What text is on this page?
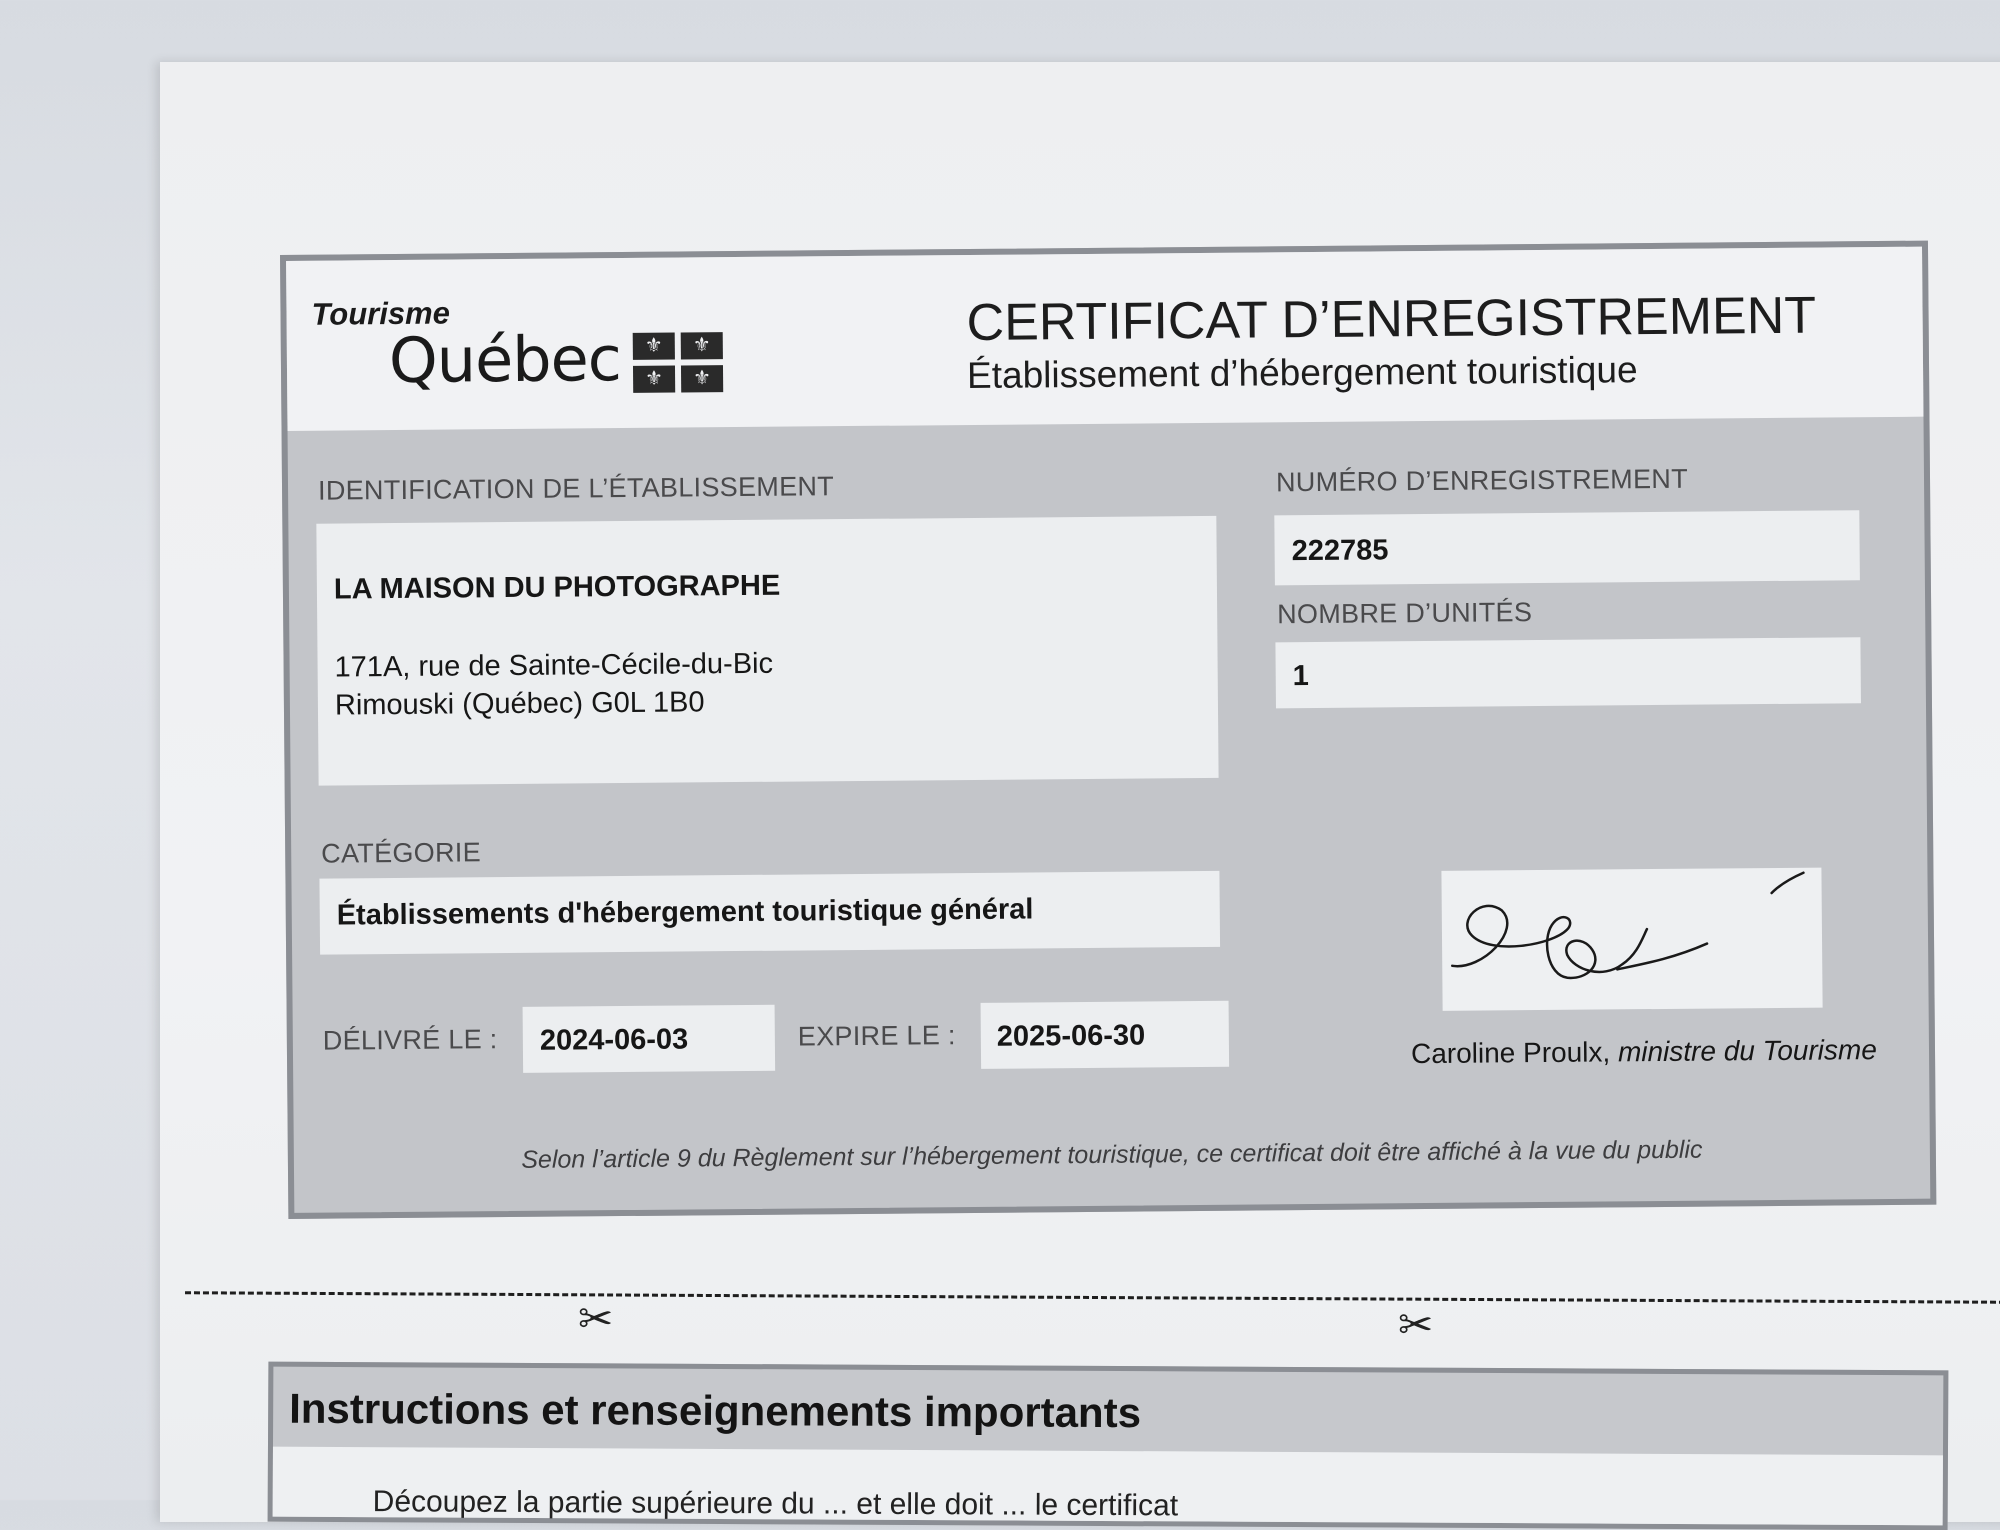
Tourisme
Québec	⚜	⚜
⚜	⚜
CERTIFICAT D’ENREGISTREMENT
Établissement d’hébergement touristique
IDENTIFICATION DE L’ÉTABLISSEMENT
LA MAISON DU PHOTOGRAPHE
171A, rue de Sainte-Cécile-du-Bic
Rimouski (Québec) G0L 1B0
NUMÉRO D’ENREGISTREMENT
222785
NOMBRE D’UNITÉS
1
CATÉGORIE
Établissements d'hébergement touristique général
DÉLIVRÉ LE : 2024-06-03	EXPIRE LE : 2025-06-30
Caroline Proulx, ministre du Tourisme
Selon l’article 9 du Règlement sur l’hébergement touristique, ce certificat doit être affiché à la vue du public
✂	✂
Instructions et renseignements importants
Découpez la partie supérieure du ... et elle doit ... le certificat
